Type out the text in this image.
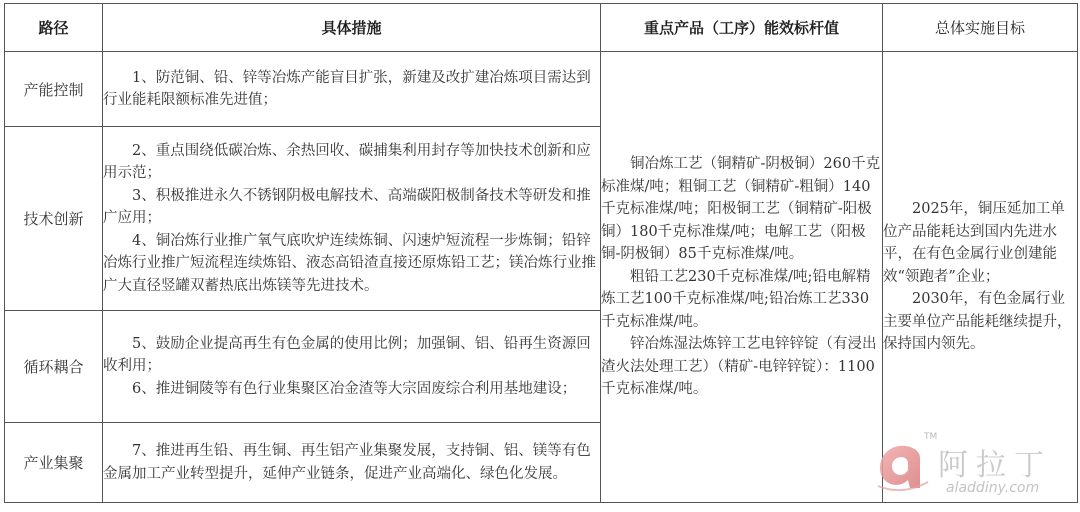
路径	具体措施	重点产品（工序）能效标杆值	总体实施目标
产能控制	1、防范铜、铅、锌等冶炼产能盲目扩张，新建及改扩建冶炼项目需达到行业能耗限额标准先进值；	铜冶炼工艺（铜精矿-阴极铜）260千克标准煤/吨；粗铜工艺（铜精矿-粗铜）140千克标准煤/吨；阳极铜工艺（铜精矿-阳极铜）180千克标准煤/吨；电解工艺（阳极铜-阴极铜）85千克标准煤/吨。
粗铅工艺230千克标准煤/吨;铅电解精炼工艺100千克标准煤/吨;铅冶炼工艺330千克标准煤/吨。
锌冶炼湿法炼锌工艺电锌锌锭（有浸出渣火法处理工艺）（精矿-电锌锌锭）：1100千克标准煤/吨。	2025年，铜压延加工单位产品能耗达到国内先进水平，在有色金属行业创建能效“领跑者”企业；
2030年，有色金属行业主要单位产品能耗继续提升，保持国内领先。

技术创新	2、重点围绕低碳冶炼、余热回收、碳捕集利用封存等加快技术创新和应用示范；
3、积极推进永久不锈钢阴极电解技术、高端碳阳极制备技术等研发和推广应用；
4、铜冶炼行业推广氧气底吹炉连续炼铜、闪速炉短流程一步炼铜；铅锌冶炼行业推广短流程连续炼铅、液态高铅渣直接还原炼铅工艺；镁冶炼行业推广大直径竖罐双蓄热底出炼镁等先进技术。		

循环耦合	5、鼓励企业提高再生有色金属的使用比例；加强铜、铝、铅再生资源回收利用；
6、推进铜陵等有色行业集聚区冶金渣等大宗固废综合利用基地建设；		

产业集聚	7、推进再生铅、再生铜、再生铝产业集聚发展，支持铜、铝、镁等有色金属加工产业转型提升，延伸产业链条，促进产业高端化、绿色化发展。		
TM
阿拉丁
aladdiny.com
